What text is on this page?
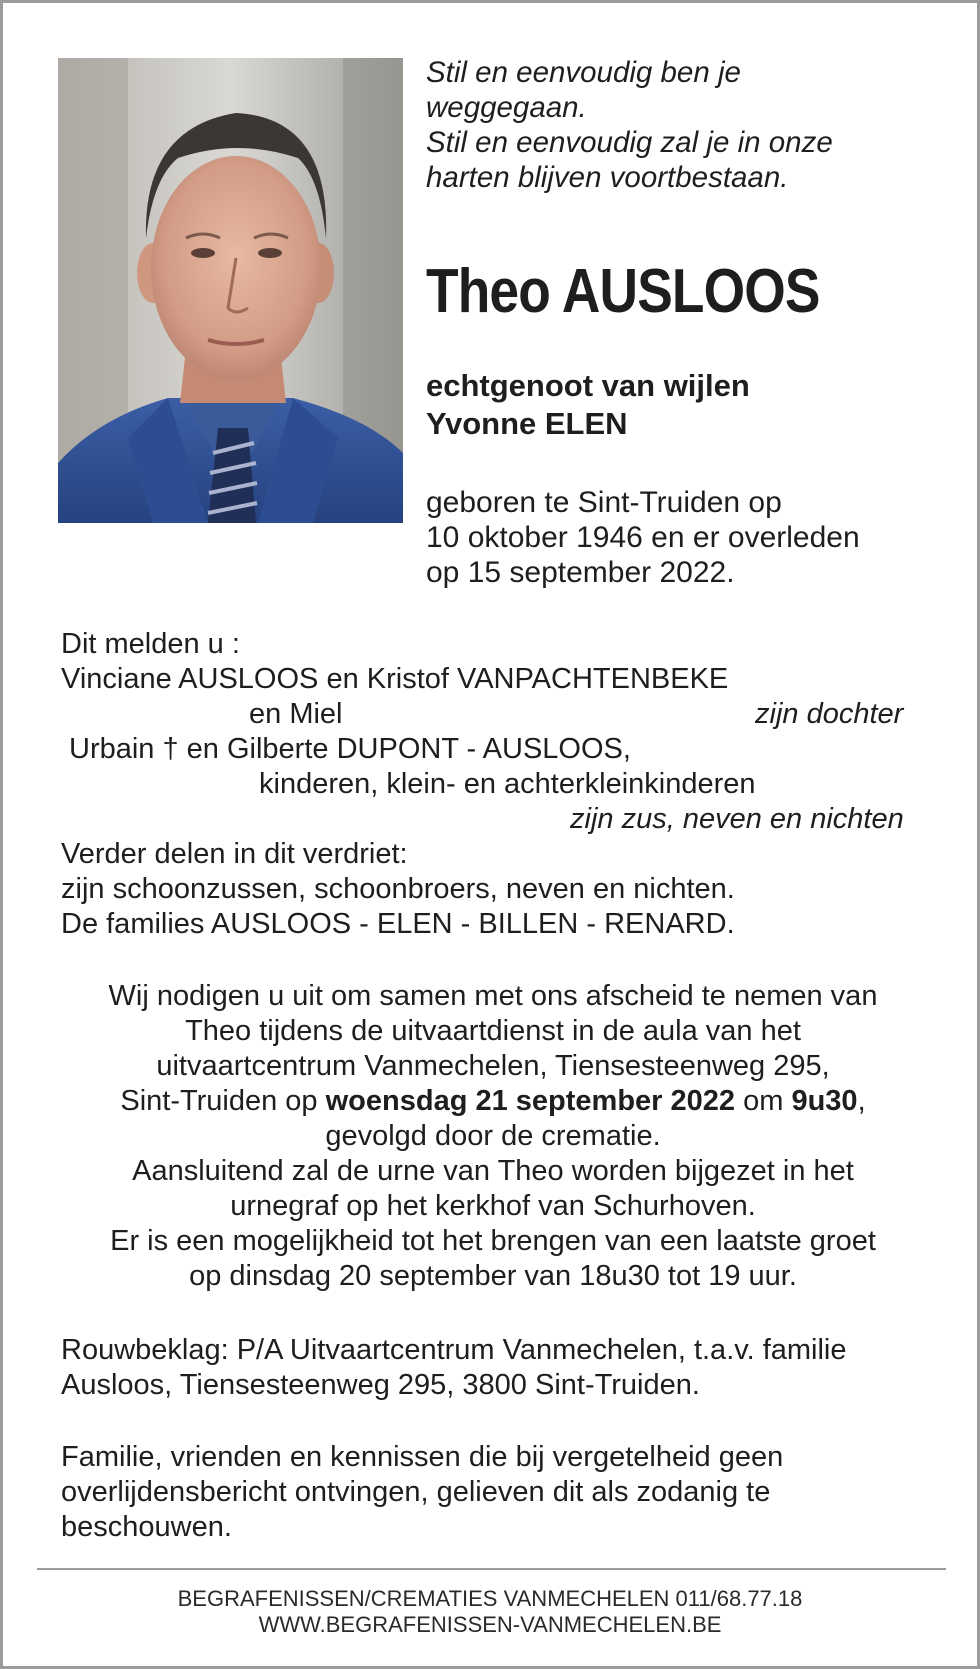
Stil en eenvoudig ben je
weggegaan.
Stil en eenvoudig zal je in onze
harten blijven voortbestaan.
Theo AUSLOOS
echtgenoot van wijlen
Yvonne ELEN
geboren te Sint-Truiden op
10 oktober 1946 en er overleden
op 15 september 2022.
Dit melden u :
Vinciane AUSLOOS en Kristof VANPACHTENBEKE
en Miel	zijn dochter
Urbain † en Gilberte DUPONT - AUSLOOS,
kinderen, klein- en achterkleinkinderen
zijn zus, neven en nichten
Verder delen in dit verdriet:
zijn schoonzussen, schoonbroers, neven en nichten.
De families AUSLOOS - ELEN - BILLEN - RENARD.
Wij nodigen u uit om samen met ons afscheid te nemen van
Theo tijdens de uitvaartdienst in de aula van het
uitvaartcentrum Vanmechelen, Tiensesteenweg 295,
Sint-Truiden op woensdag 21 september 2022 om 9u30,
gevolgd door de crematie.
Aansluitend zal de urne van Theo worden bijgezet in het
urnegraf op het kerkhof van Schurhoven.
Er is een mogelijkheid tot het brengen van een laatste groet
op dinsdag 20 september van 18u30 tot 19 uur.
Rouwbeklag: P/A Uitvaartcentrum Vanmechelen, t.a.v. familie
Ausloos, Tiensesteenweg 295, 3800 Sint-Truiden.
Familie, vrienden en kennissen die bij vergetelheid geen
overlijdensbericht ontvingen, gelieven dit als zodanig te
beschouwen.
BEGRAFENISSEN/CREMATIES VANMECHELEN 011/68.77.18
WWW.BEGRAFENISSEN-VANMECHELEN.BE
